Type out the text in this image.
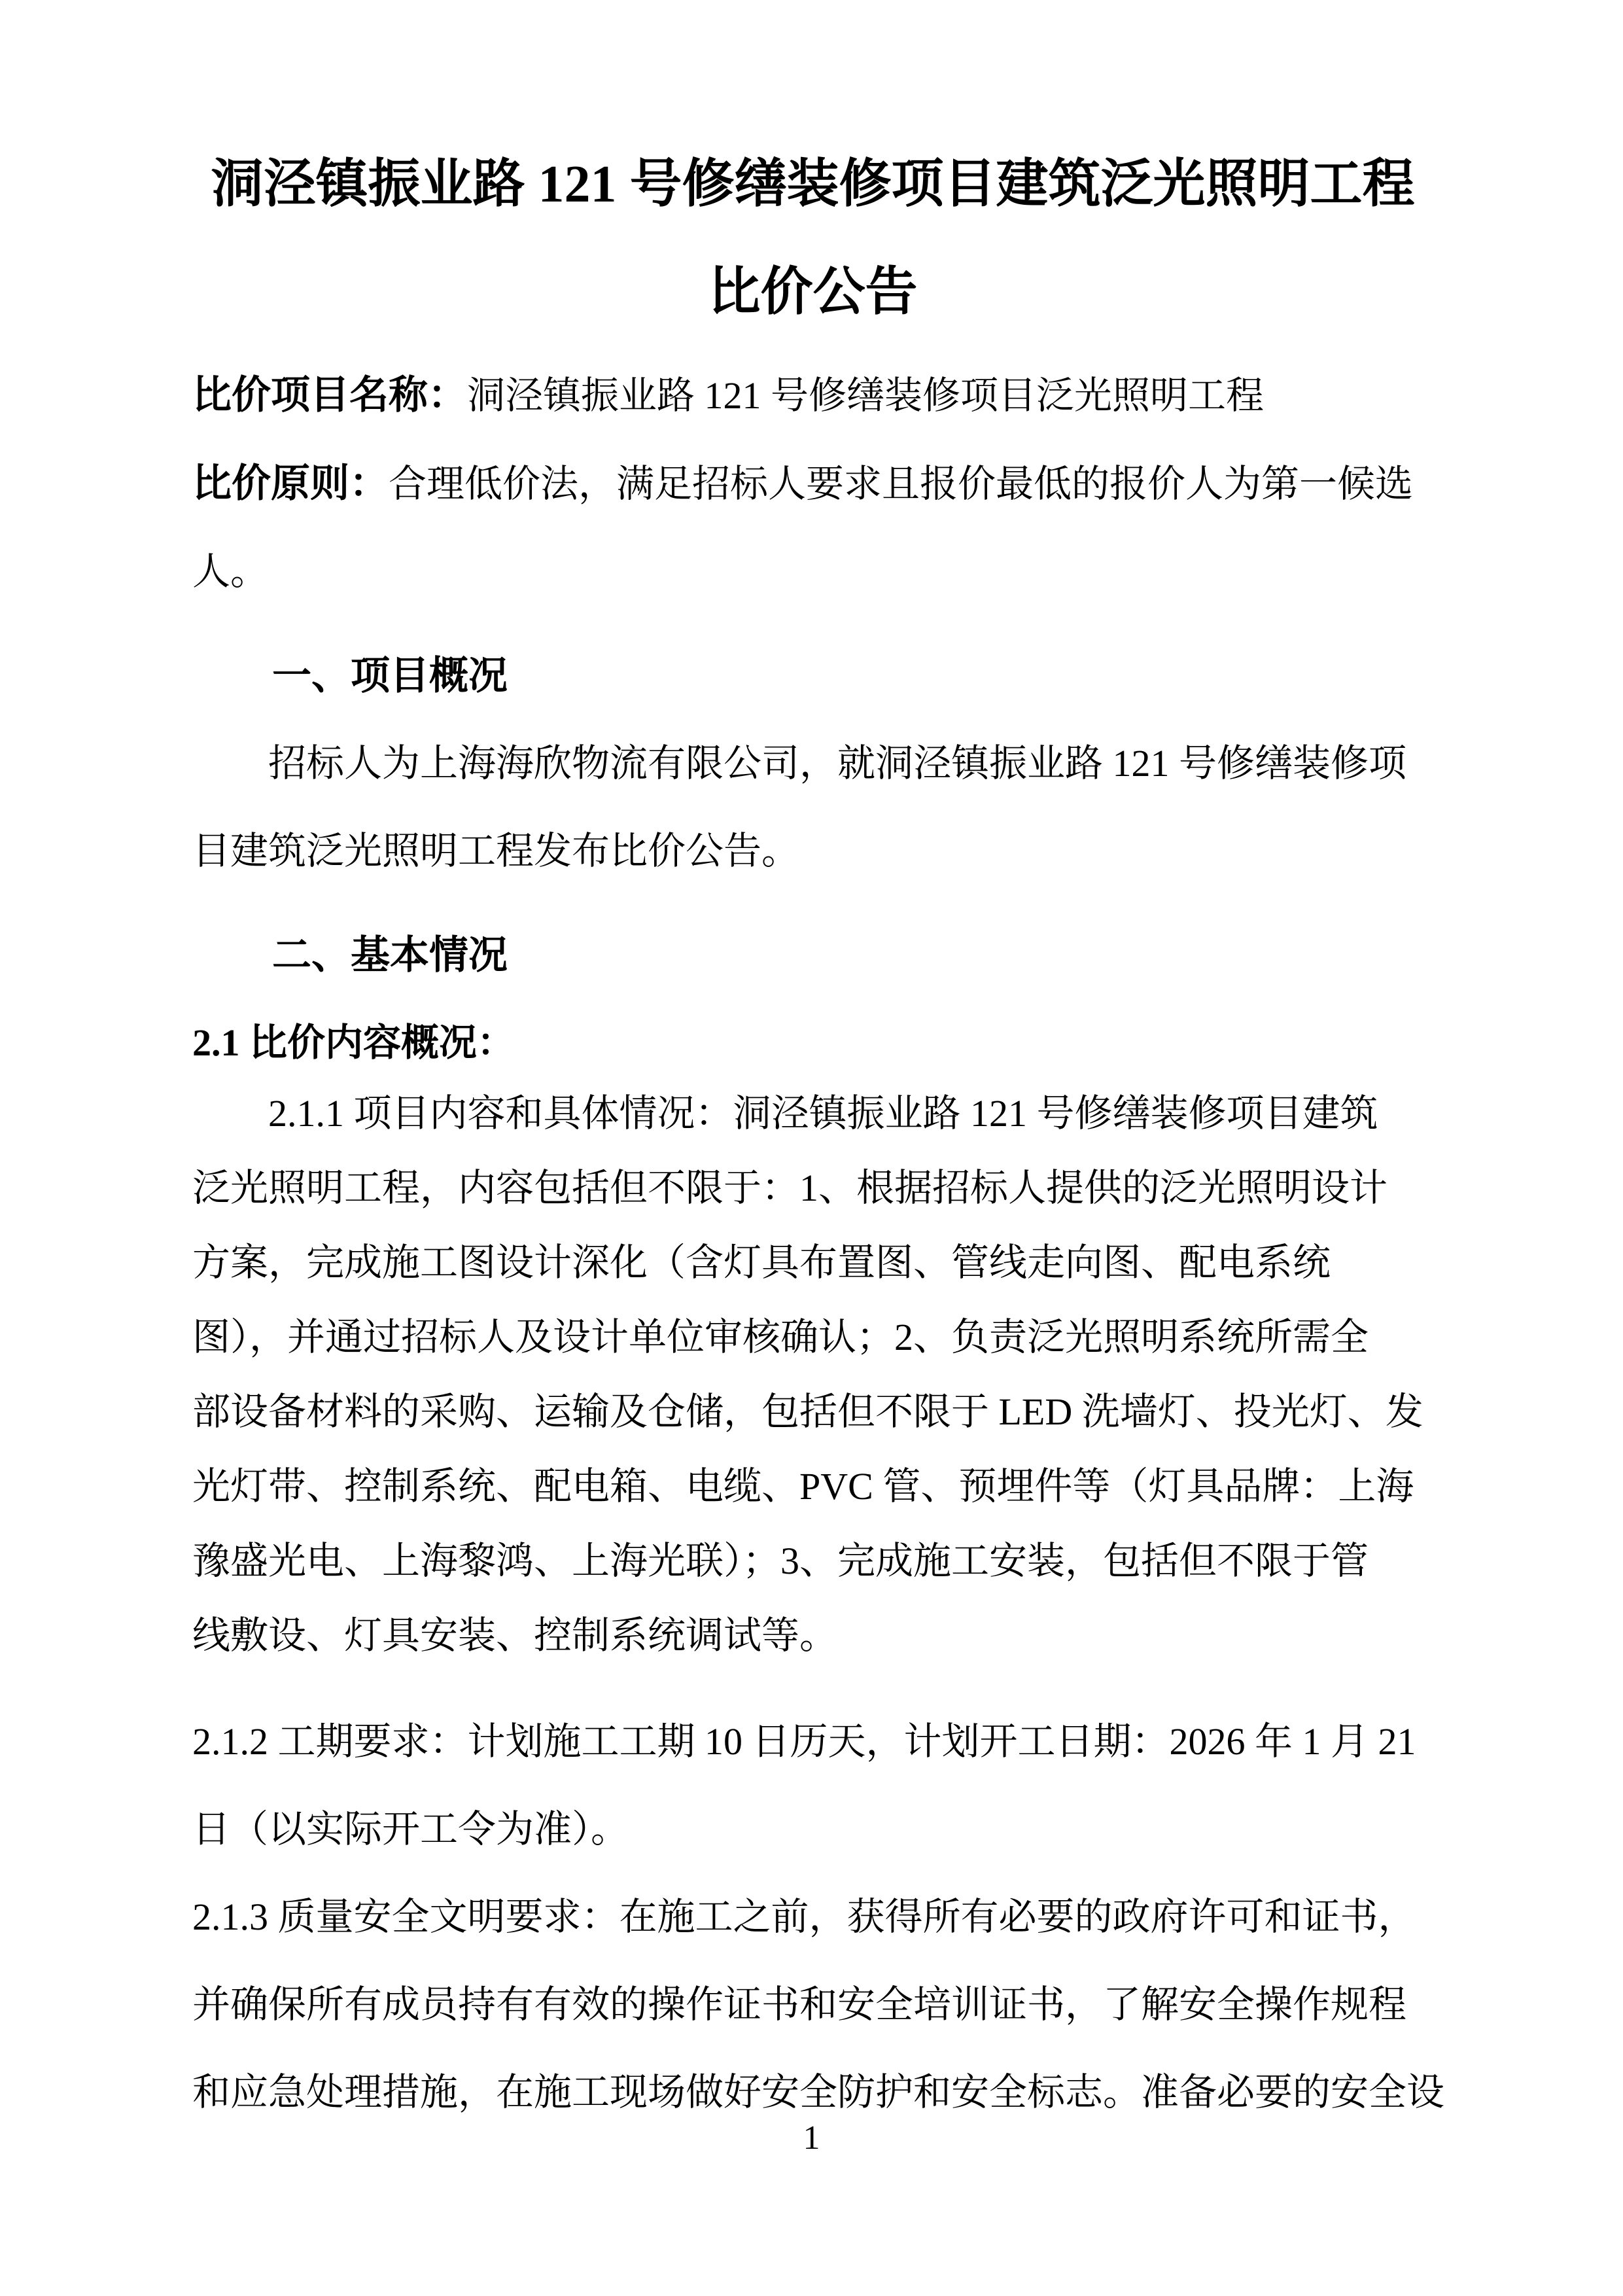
洞泾镇振业路 121 号修缮装修项目建筑泛光照明工程
比价公告
比价项目名称：洞泾镇振业路 121 号修缮装修项目泛光照明工程
比价原则：合理低价法，满足招标人要求且报价最低的报价人为第一候选
人。
一、项目概况
招标人为上海海欣物流有限公司，就洞泾镇振业路 121 号修缮装修项
目建筑泛光照明工程发布比价公告。
二、基本情况
2.1 比价内容概况：
2.1.1 项目内容和具体情况：洞泾镇振业路 121 号修缮装修项目建筑
泛光照明工程，内容包括但不限于：1、根据招标人提供的泛光照明设计
方案，完成施工图设计深化（含灯具布置图、管线走向图、配电系统
图），并通过招标人及设计单位审核确认；2、负责泛光照明系统所需全
部设备材料的采购、运输及仓储，包括但不限于 LED 洗墙灯、投光灯、发
光灯带、控制系统、配电箱、电缆、PVC 管、预埋件等（灯具品牌：上海
豫盛光电、上海黎鸿、上海光联）；3、完成施工安装，包括但不限于管
线敷设、灯具安装、控制系统调试等。
2.1.2 工期要求：计划施工工期 10 日历天，计划开工日期：2026 年 1 月 21
日（以实际开工令为准）。
2.1.3 质量安全文明要求：在施工之前，获得所有必要的政府许可和证书，
并确保所有成员持有有效的操作证书和安全培训证书，了解安全操作规程
和应急处理措施，在施工现场做好安全防护和安全标志。准备必要的安全设
1
